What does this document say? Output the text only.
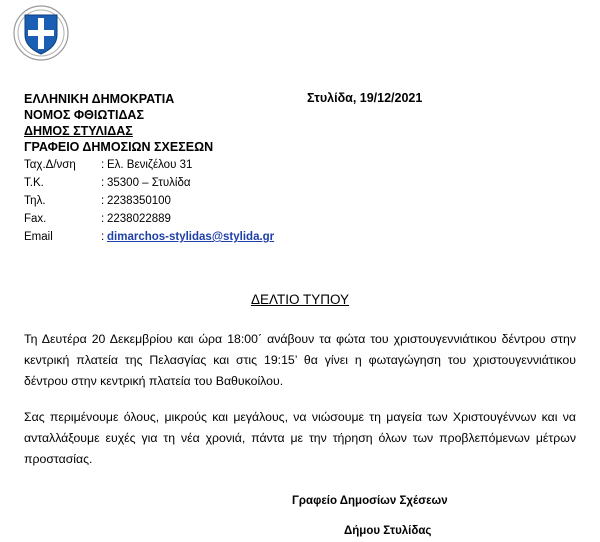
ΕΛΛΗΝΙΚΗ ΔΗΜΟΚΡΑΤΙΑ
ΝΟΜΟΣ ΦΘΙΩΤΙΔΑΣ
ΔΗΜΟΣ ΣΤΥΛΙΔΑΣ
ΓΡΑΦΕΙΟ ΔΗΜΟΣΙΩΝ ΣΧΕΣΕΩΝ
Στυλίδα, 19/12/2021
Ταχ.Δ/νση : Ελ. Βενιζέλου 31
Τ.Κ.	: 35300 – Στυλίδα
Τηλ.	: 2238350100
Fax.	: 2238022889
Email	: dimarchos-stylidas@stylida.gr
ΔΕΛΤΙΟ ΤΥΠΟΥ
Τη Δευτέρα 20 Δεκεμβρίου και ώρα 18:00΄ ανάβουν τα φώτα του χριστουγεννιάτικου δέντρου στην κεντρική πλατεία της Πελασγίας και στις 19:15’ θα γίνει η φωταγώγηση του χριστουγεννιάτικου δέντρου στην κεντρική πλατεία του Βαθυκοίλου.
Σας περιμένουμε όλους, μικρούς και μεγάλους, να νιώσουμε τη μαγεία των Χριστουγέννων και να ανταλλάξουμε ευχές για τη νέα χρονιά, πάντα με την τήρηση όλων των προβλεπόμενων μέτρων προστασίας.
Γραφείο Δημοσίων Σχέσεων
Δήμου Στυλίδας
